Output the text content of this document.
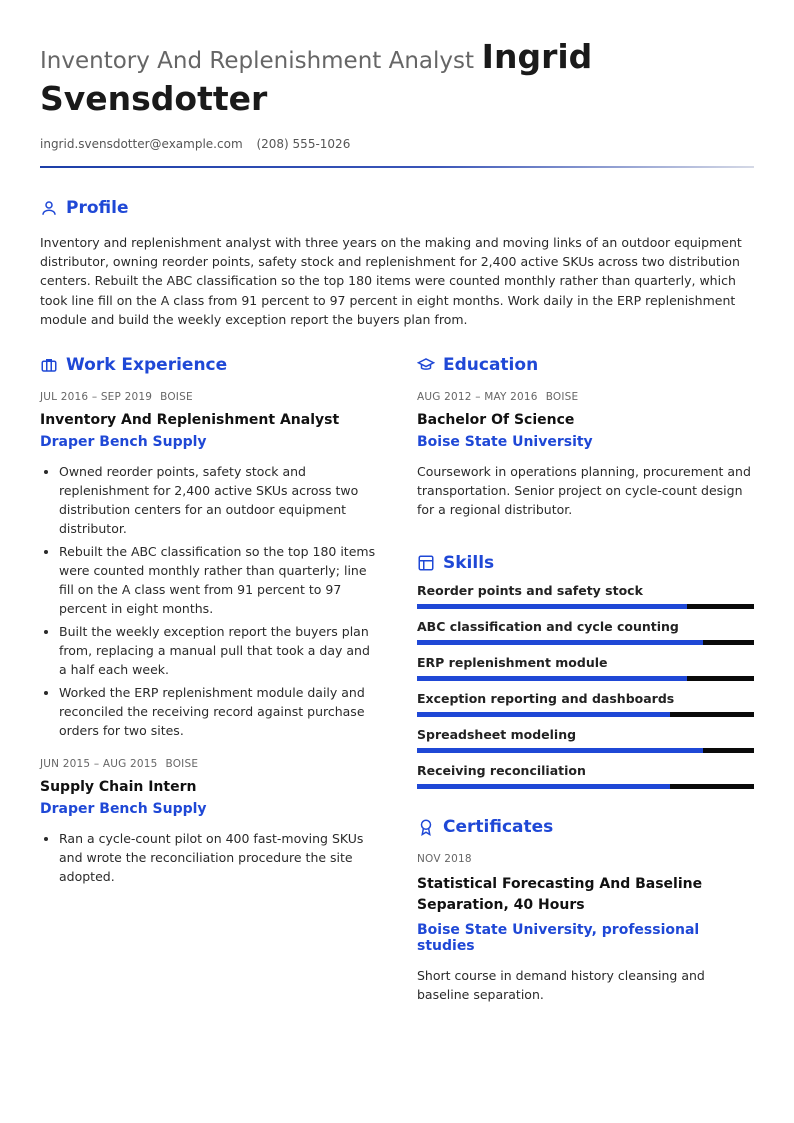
Inventory And Replenishment Analyst Ingrid Svensdotter
ingrid.svensdotter@example.com (208) 555-1026
Profile

Inventory and replenishment analyst with three years on the making and moving links of an outdoor equipment distributor, owning reorder points, safety stock and replenishment for 2,400 active SKUs across two distribution centers. Rebuilt the ABC classification so the top 180 items were counted monthly rather than quarterly, which took line fill on the A class from 91 percent to 97 percent in eight months. Work daily in the ERP replenishment module and build the weekly exception report the buyers plan from.

Work Experience
JUL 2016 – SEP 2019 BOISE
Inventory And Replenishment Analyst
Draper Bench Supply
• Owned reorder points, safety stock and replenishment for 2,400 active SKUs across two distribution centers for an outdoor equipment distributor.
• Rebuilt the ABC classification so the top 180 items were counted monthly rather than quarterly; line fill on the A class went from 91 percent to 97 percent in eight months.
• Built the weekly exception report the buyers plan from, replacing a manual pull that took a day and a half each week.
• Worked the ERP replenishment module daily and reconciled the receiving record against purchase orders for two sites.
JUN 2015 – AUG 2015 BOISE
Supply Chain Intern
Draper Bench Supply
• Ran a cycle-count pilot on 400 fast-moving SKUs and wrote the reconciliation procedure the site adopted.
Education
AUG 2012 – MAY 2016 BOISE
Bachelor Of Science
Boise State University
Coursework in operations planning, procurement and transportation. Senior project on cycle-count design for a regional distributor.
Skills
Reorder points and safety stock
ABC classification and cycle counting
ERP replenishment module
Exception reporting and dashboards
Spreadsheet modeling
Receiving reconciliation
Certificates
NOV 2018
Statistical Forecasting And Baseline Separation, 40 Hours
Boise State University, professional studies
Short course in demand history cleansing and baseline separation.
